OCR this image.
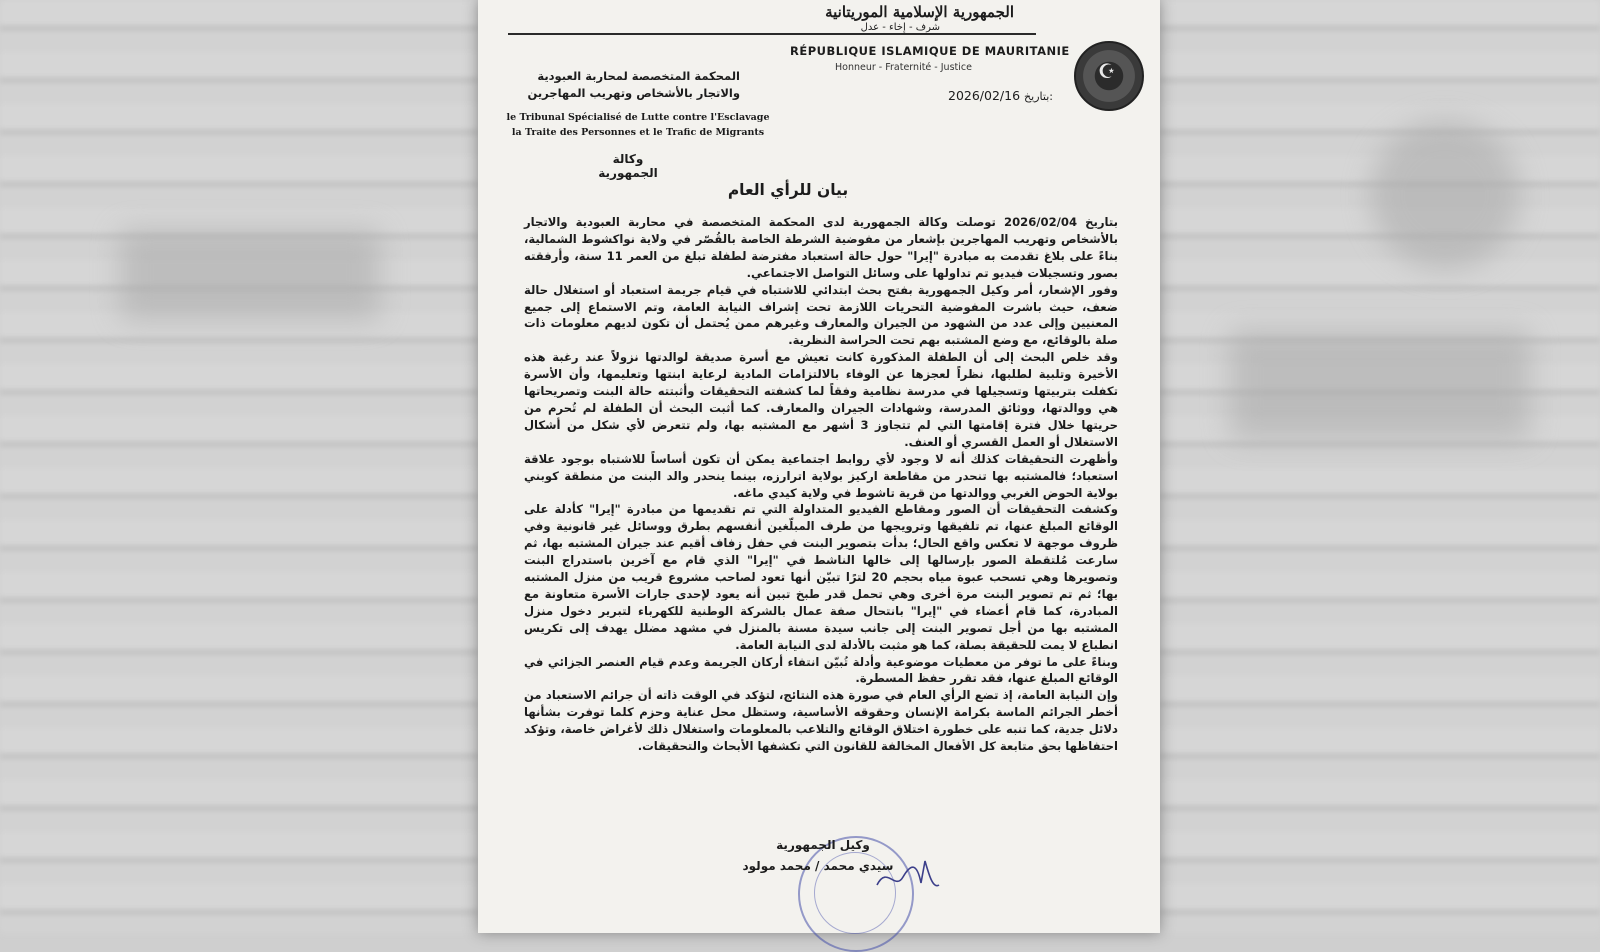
☪
الجمهورية الإسلامية الموريتانية
شرف - إخاء - عدل
RÉPUBLIQUE ISLAMIQUE DE MAURITANIE
Honneur - Fraternité - Justice
2026/02/16 بتاريخ:
المحكمة المتخصصة لمحاربة العبودية
والاتجار بالأشخاص وتهريب المهاجرين
le Tribunal Spécialisé de Lutte contre l'Esclavage
la Traite des Personnes et le Trafic de Migrants
وكالة الجمهورية
بيان للرأي العام

بتاريخ 2026/02/04 توصلت وكالة الجمهورية لدى المحكمة المتخصصة في محاربة العبودية والاتجار بالأشخاص وتهريب المهاجرين بإشعار من مفوضية الشرطة الخاصة بالقُصّر في ولاية نواكشوط الشمالية، بناءً على بلاغ تقدمت به مبادرة "إيرا" حول حالة استعباد مفترضة لطفلة تبلغ من العمر 11 سنة، وأرفقته بصور وتسجيلات فيديو تم تداولها على وسائل التواصل الاجتماعي.

وفور الإشعار، أمر وكيل الجمهورية بفتح بحث ابتدائي للاشتباه في قيام جريمة استعباد أو استغلال حالة ضعف، حيث باشرت المفوضية التحريات اللازمة تحت إشراف النيابة العامة، وتم الاستماع إلى جميع المعنيين وإلى عدد من الشهود من الجيران والمعارف وغيرهم ممن يُحتمل أن تكون لديهم معلومات ذات صلة بالوقائع، مع وضع المشتبه بهم تحت الحراسة النظرية.

وقد خلص البحث إلى أن الطفلة المذكورة كانت تعيش مع أسرة صديقة لوالدتها نزولاً عند رغبة هذه الأخيرة وتلبية لطلبها، نظراً لعجزها عن الوفاء بالالتزامات المادية لرعاية ابنتها وتعليمها، وأن الأسرة تكفلت بتربيتها وتسجيلها في مدرسة نظامية وفقاً لما كشفته التحقيقات وأثبتته حالة البنت وتصريحاتها هي ووالدتها، ووثائق المدرسة، وشهادات الجيران والمعارف. كما أثبت البحث أن الطفلة لم تُحرم من حريتها خلال فترة إقامتها التي لم تتجاوز 3 أشهر مع المشتبه بها، ولم تتعرض لأي شكل من أشكال الاستغلال أو العمل القسري أو العنف.

وأظهرت التحقيقات كذلك أنه لا وجود لأي روابط اجتماعية يمكن أن تكون أساساً للاشتباه بوجود علاقة استعباد؛ فالمشتبه بها تنحدر من مقاطعة اركيز بولاية اترارزه، بينما ينحدر والد البنت من منطقة كوبني بولاية الحوض الغربي ووالدتها من قرية تاشوط في ولاية كيدي ماغه.

وكشفت التحقيقات أن الصور ومقاطع الفيديو المتداولة التي تم تقديمها من مبادرة "إيرا" كأدلة على الوقائع المبلغ عنها، تم تلفيقها وترويجها من طرف المبلّغين أنفسهم بطرق ووسائل غير قانونية وفي ظروف موجهة لا تعكس واقع الحال؛ بدأت بتصوير البنت في حفل زفاف أقيم عند جيران المشتبه بها، ثم سارعت مُلتقطة الصور بإرسالها إلى خالها الناشط في "إيرا" الذي قام مع آخرين باستدراج البنت وتصويرها وهي تسحب عبوة مياه بحجم 20 لترًا تبيّن أنها تعود لصاحب مشروع قريب من منزل المشتبه بها؛ ثم تم تصوير البنت مرة أخرى وهي تحمل قدر طبخ تبين أنه يعود لإحدى جارات الأسرة متعاونة مع المبادرة، كما قام أعضاء في "إيرا" بانتحال صفة عمال بالشركة الوطنية للكهرباء لتبرير دخول منزل المشتبه بها من أجل تصوير البنت إلى جانب سيدة مسنة بالمنزل في مشهد مضلل يهدف إلى تكريس انطباع لا يمت للحقيقة بصلة، كما هو مثبت بالأدلة لدى النيابة العامة.

وبناءً على ما توفر من معطيات موضوعية وأدلة تُبيّن انتفاء أركان الجريمة وعدم قيام العنصر الجزائي في الوقائع المبلغ عنها، فقد تقرر حفظ المسطرة.

وإن النيابة العامة، إذ تضع الرأي العام في صورة هذه النتائج، لتؤكد في الوقت ذاته أن جرائم الاستعباد من أخطر الجرائم الماسة بكرامة الإنسان وحقوقه الأساسية، وستظل محل عناية وحزم كلما توفرت بشأنها دلائل جدية، كما تنبه على خطورة اختلاق الوقائع والتلاعب بالمعلومات واستغلال ذلك لأغراض خاصة، وتؤكد احتفاظها بحق متابعة كل الأفعال المخالفة للقانون التي تكشفها الأبحاث والتحقيقات.

وكيل الجمهورية
سيدي محمد / محمد مولود
